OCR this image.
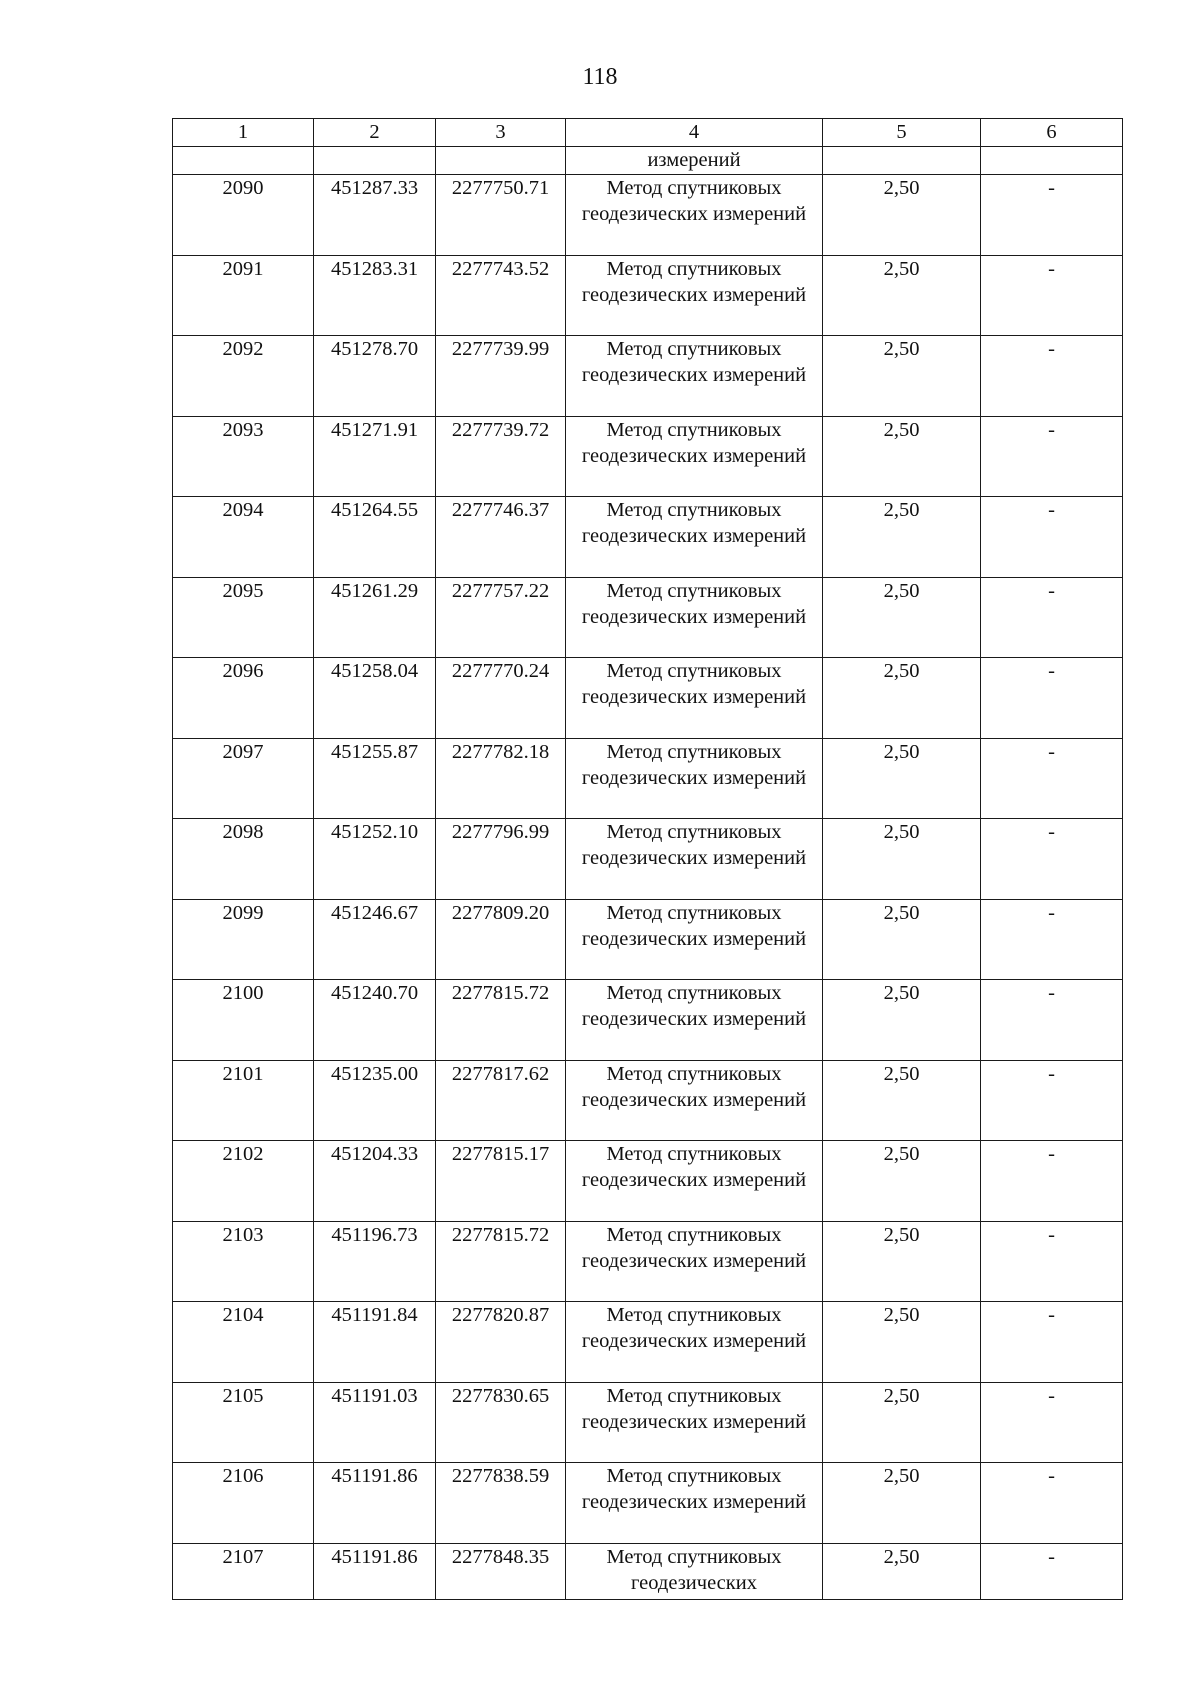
118
1	2	3	4	5	6
			измерений		
2090	451287.33	2277750.71	Метод спутниковых геодезических измерений	2,50	-
2091	451283.31	2277743.52	Метод спутниковых геодезических измерений	2,50	-
2092	451278.70	2277739.99	Метод спутниковых геодезических измерений	2,50	-
2093	451271.91	2277739.72	Метод спутниковых геодезических измерений	2,50	-
2094	451264.55	2277746.37	Метод спутниковых геодезических измерений	2,50	-
2095	451261.29	2277757.22	Метод спутниковых геодезических измерений	2,50	-
2096	451258.04	2277770.24	Метод спутниковых геодезических измерений	2,50	-
2097	451255.87	2277782.18	Метод спутниковых геодезических измерений	2,50	-
2098	451252.10	2277796.99	Метод спутниковых геодезических измерений	2,50	-
2099	451246.67	2277809.20	Метод спутниковых геодезических измерений	2,50	-
2100	451240.70	2277815.72	Метод спутниковых геодезических измерений	2,50	-
2101	451235.00	2277817.62	Метод спутниковых геодезических измерений	2,50	-
2102	451204.33	2277815.17	Метод спутниковых геодезических измерений	2,50	-
2103	451196.73	2277815.72	Метод спутниковых геодезических измерений	2,50	-
2104	451191.84	2277820.87	Метод спутниковых геодезических измерений	2,50	-
2105	451191.03	2277830.65	Метод спутниковых геодезических измерений	2,50	-
2106	451191.86	2277838.59	Метод спутниковых геодезических измерений	2,50	-
2107	451191.86	2277848.35	Метод спутниковых геодезических	2,50	-
